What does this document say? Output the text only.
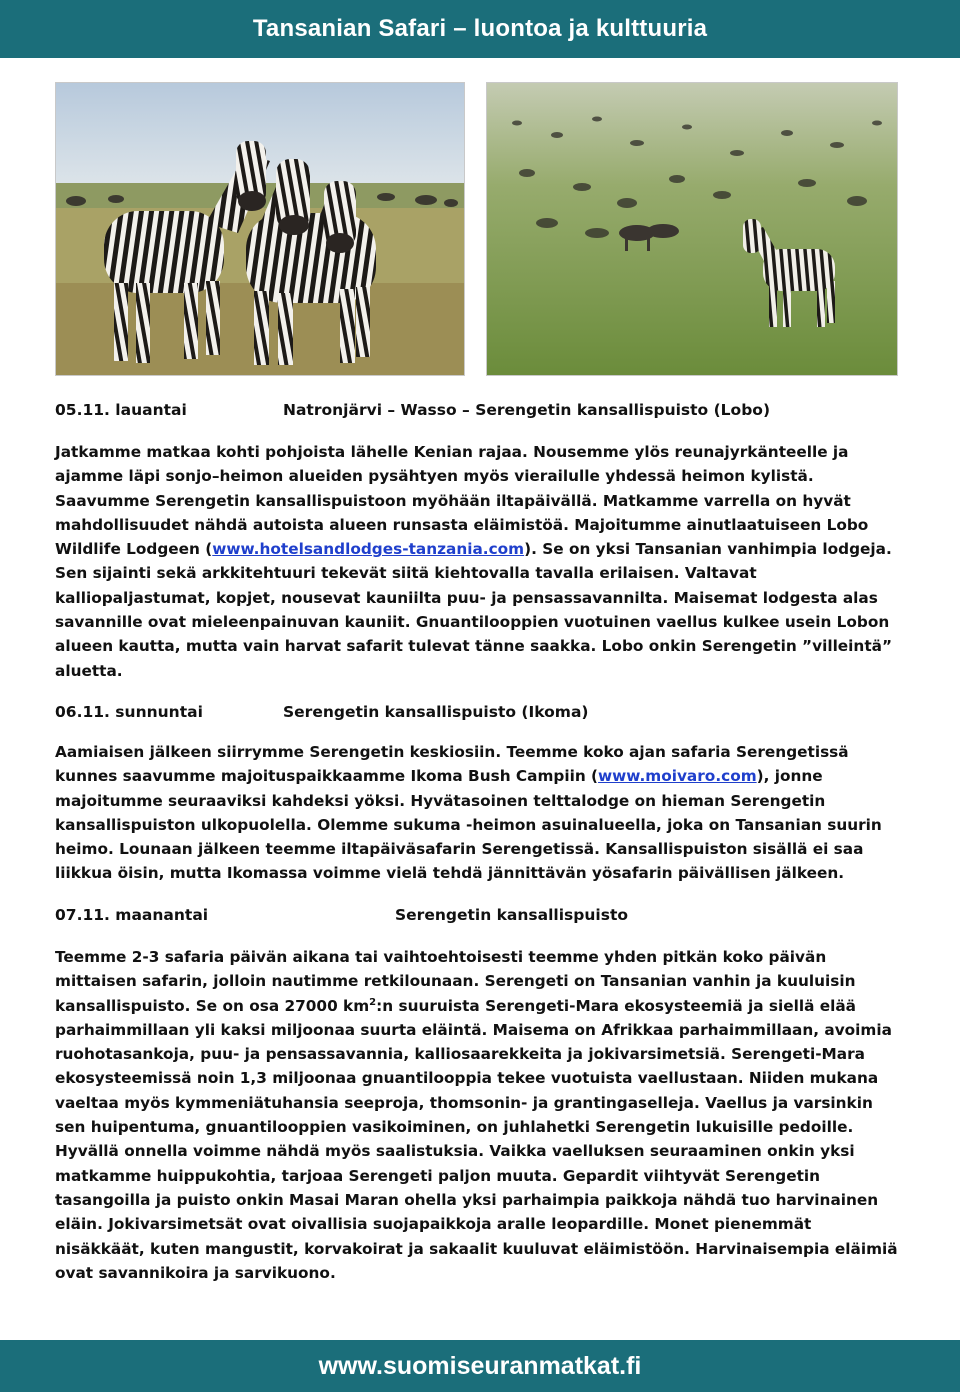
Tansanian Safari – luontoa ja kulttuuria
05.11. lauantai	Natronjärvi – Wasso – Serengetin kansallispuisto (Lobo)

Jatkamme matkaa kohti pohjoista lähelle Kenian rajaa. Nousemme ylös reunajyrkänteelle ja ajamme läpi sonjo–heimon alueiden pysähtyen myös vierailulle yhdessä heimon kylistä. Saavumme Serengetin kansallispuistoon myöhään iltapäivällä. Matkamme varrella on hyvät mahdollisuudet nähdä autoista alueen runsasta eläimistöä. Majoitumme ainutlaatuiseen Lobo Wildlife Lodgeen (www.hotelsandlodges-tanzania.com). Se on yksi Tansanian vanhimpia lodgeja. Sen sijainti sekä arkkitehtuuri tekevät siitä kiehtovalla tavalla erilaisen. Valtavat kalliopaljastumat, kopjet, nousevat kauniilta puu- ja pensassavannilta. Maisemat lodgesta alas savannille ovat mieleenpainuvan kauniit. Gnuantilooppien vuotuinen vaellus kulkee usein Lobon alueen kautta, mutta vain harvat safarit tulevat tänne saakka. Lobo onkin Serengetin ”villeintä” aluetta.

06.11. sunnuntai	Serengetin kansallispuisto (Ikoma)

Aamiaisen jälkeen siirrymme Serengetin keskiosiin. Teemme koko ajan safaria Serengetissä kunnes saavumme majoituspaikkaamme Ikoma Bush Campiin (www.moivaro.com), jonne majoitumme seuraaviksi kahdeksi yöksi. Hyvätasoinen telttalodge on hieman Serengetin kansallispuiston ulkopuolella. Olemme sukuma -heimon asuinalueella, joka on Tansanian suurin heimo. Lounaan jälkeen teemme iltapäiväsafarin Serengetissä. Kansallispuiston sisällä ei saa liikkua öisin, mutta Ikomassa voimme vielä tehdä jännittävän yösafarin päivällisen jälkeen.

07.11. maanantai	Serengetin kansallispuisto

Teemme 2-3 safaria päivän aikana tai vaihtoehtoisesti teemme yhden pitkän koko päivän mittaisen safarin, jolloin nautimme retkilounaan. Serengeti on Tansanian vanhin ja kuuluisin kansallispuisto. Se on osa 27000 $km^2:n$ suuruista Serengeti-Mara ekosysteemiä ja siellä elää parhaimmillaan yli kaksi miljoonaa suurta eläintä. Maisema on Afrikkaa parhaimmillaan, avoimia ruohotasankoja, puu- ja pensassavannia, kalliosaarekkeita ja jokivarsimetsiä. Serengeti-Mara ekosysteemissä noin 1,3 miljoonaa gnuantilooppia tekee vuotuista vaellustaan. Niiden mukana vaeltaa myös kymmeniätuhansia seeproja, thomsonin- ja grantingaselleja. Vaellus ja varsinkin sen huipentuma, gnuantilooppien vasikoiminen, on juhlahetki Serengetin lukuisille pedoille. Hyvällä onnella voimme nähdä myös saalistuksia. Vaikka vaelluksen seuraaminen onkin yksi matkamme huippukohtia, tarjoaa Serengeti paljon muuta. Gepardit viihtyvät Serengetin tasangoilla ja puisto onkin Masai Maran ohella yksi parhaimpia paikkoja nähdä tuo harvinainen eläin. Jokivarsimetsät ovat oivallisia suojapaikkoja aralle leopardille. Monet pienemmät nisäkkäät, kuten mangustit, korvakoirat ja sakaalit kuuluvat eläimistöön. Harvinaisempia eläimiä ovat savannikoira ja sarvikuono.

www.suomiseuranmatkat.fi
